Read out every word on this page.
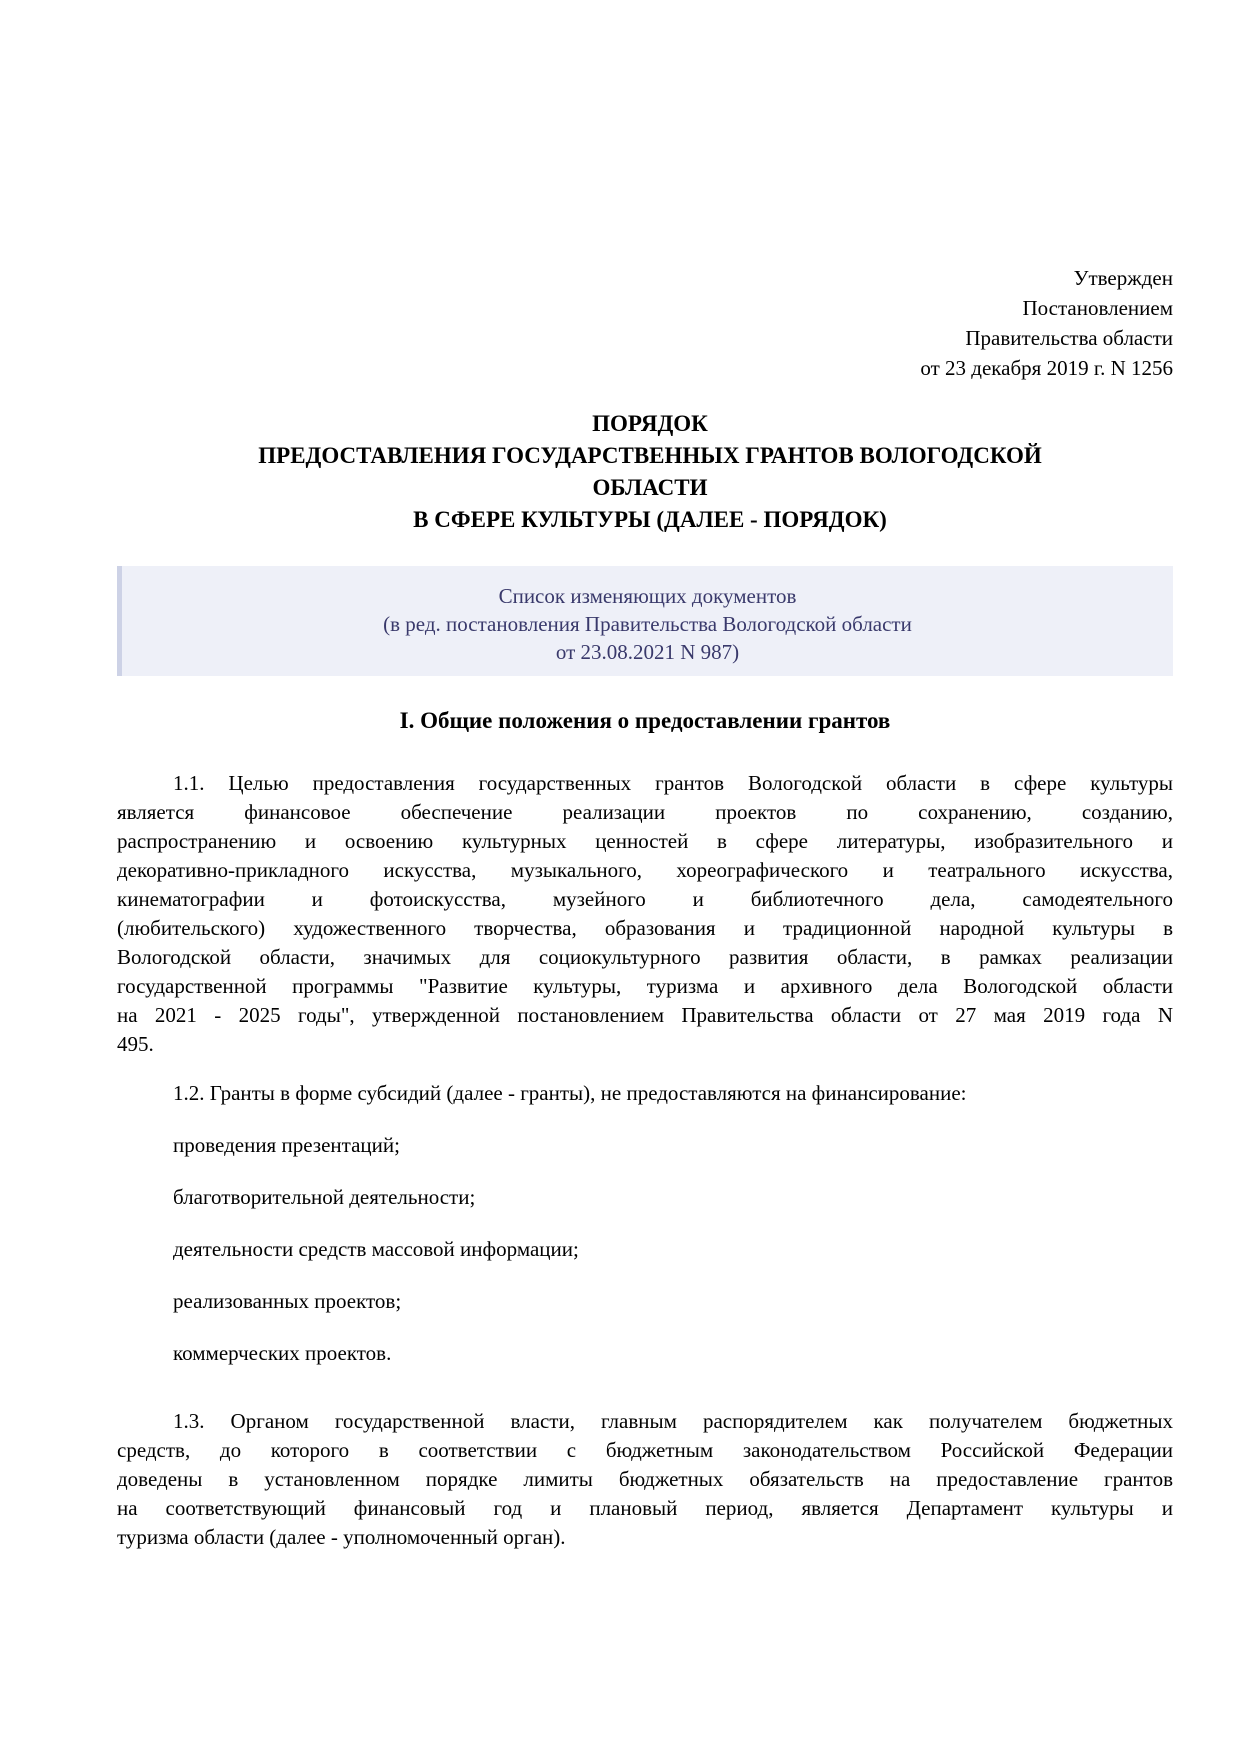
Утвержден
Постановлением
Правительства области
от 23 декабря 2019 г. N 1256
ПОРЯДОК
ПРЕДОСТАВЛЕНИЯ ГОСУДАРСТВЕННЫХ ГРАНТОВ ВОЛОГОДСКОЙ
ОБЛАСТИ
В СФЕРЕ КУЛЬТУРЫ (ДАЛЕЕ - ПОРЯДОК)
Список изменяющих документов
(в ред. постановления Правительства Вологодской области
от 23.08.2021 N 987)
I. Общие положения о предоставлении грантов
1.1. Целью предоставления государственных грантов Вологодской области в сфере культуры
является финансовое обеспечение реализации проектов по сохранению, созданию,
распространению и освоению культурных ценностей в сфере литературы, изобразительного и
декоративно-прикладного искусства, музыкального, хореографического и театрального искусства,
кинематографии и фотоискусства, музейного и библиотечного дела, самодеятельного
(любительского) художественного творчества, образования и традиционной народной культуры в
Вологодской области, значимых для социокультурного развития области, в рамках реализации
государственной программы "Развитие культуры, туризма и архивного дела Вологодской области
на 2021 - 2025 годы", утвержденной постановлением Правительства области от 27 мая 2019 года N
495.
1.2. Гранты в форме субсидий (далее - гранты), не предоставляются на финансирование:
проведения презентаций;
благотворительной деятельности;
деятельности средств массовой информации;
реализованных проектов;
коммерческих проектов.
1.3. Органом государственной власти, главным распорядителем как получателем бюджетных
средств, до которого в соответствии с бюджетным законодательством Российской Федерации
доведены в установленном порядке лимиты бюджетных обязательств на предоставление грантов
на соответствующий финансовый год и плановый период, является Департамент культуры и
туризма области (далее - уполномоченный орган).
